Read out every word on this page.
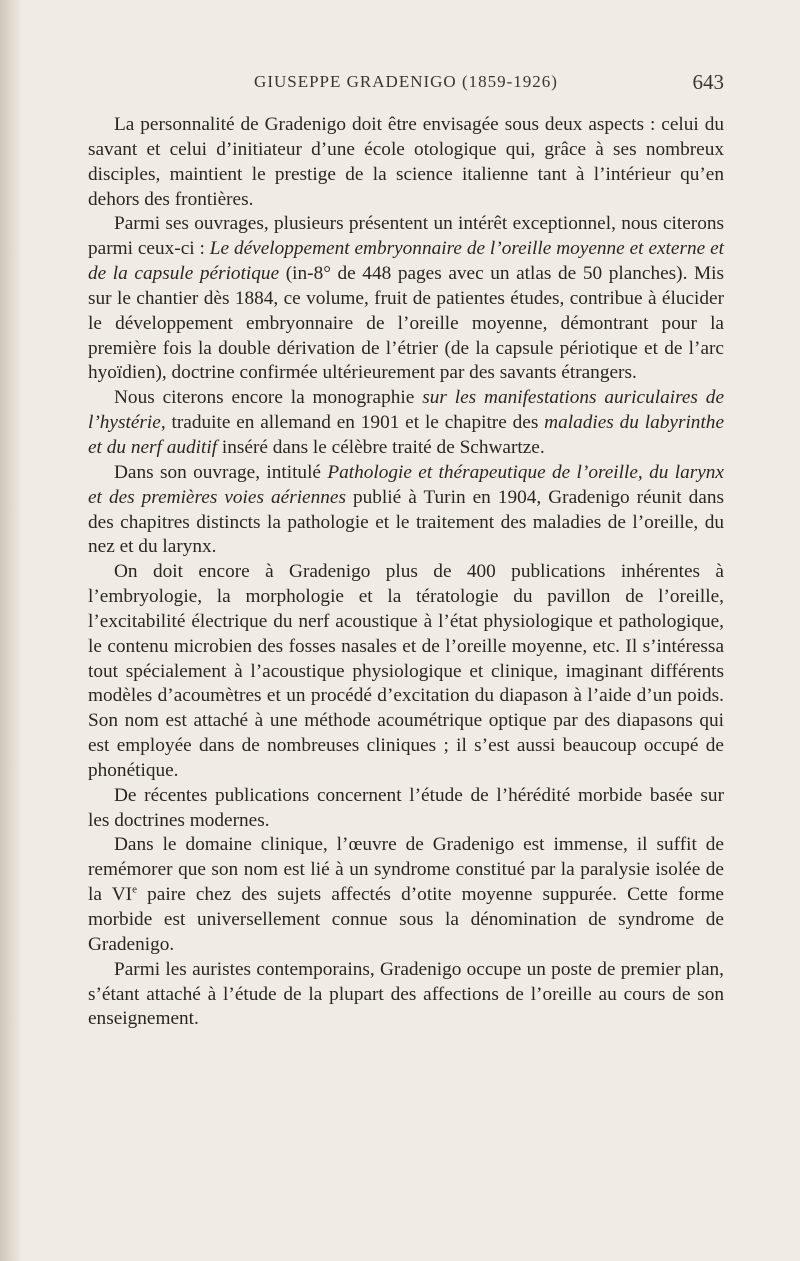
GIUSEPPE GRADENIGO (1859-1926)	643

La personnalité de Gradenigo doit être envisagée sous deux aspects : celui du savant et celui d’initiateur d’une école otologique qui, grâce à ses nombreux disciples, maintient le prestige de la science italienne tant à l’intérieur qu’en dehors des frontières.

Parmi ses ouvrages, plusieurs présentent un intérêt exceptionnel, nous citerons parmi ceux-ci : Le développement embryonnaire de l’oreille moyenne et externe et de la capsule périotique (in-8° de 448 pages avec un atlas de 50 planches). Mis sur le chantier dès 1884, ce volume, fruit de patientes études, contribue à élucider le développement embryonnaire de l’oreille moyenne, démontrant pour la première fois la double dérivation de l’étrier (de la capsule périotique et de l’arc hyoïdien), doctrine confirmée ultérieurement par des savants étrangers.

Nous citerons encore la monographie sur les manifestations auriculaires de l’hystérie, traduite en allemand en 1901 et le chapitre des maladies du labyrinthe et du nerf auditif inséré dans le célèbre traité de Schwartze.

Dans son ouvrage, intitulé Pathologie et thérapeutique de l’oreille, du larynx et des premières voies aériennes publié à Turin en 1904, Gradenigo réunit dans des chapitres distincts la pathologie et le traitement des maladies de l’oreille, du nez et du larynx.

On doit encore à Gradenigo plus de 400 publications inhérentes à l’embryologie, la morphologie et la tératologie du pavillon de l’oreille, l’excitabilité électrique du nerf acoustique à l’état physiologique et pathologique, le contenu microbien des fosses nasales et de l’oreille moyenne, etc. Il s’intéressa tout spécialement à l’acoustique physiologique et clinique, imaginant différents modèles d’acoumètres et un procédé d’excitation du diapason à l’aide d’un poids. Son nom est attaché à une méthode acoumétrique optique par des diapasons qui est employée dans de nombreuses cliniques ; il s’est aussi beaucoup occupé de phonétique.

De récentes publications concernent l’étude de l’hérédité morbide basée sur les doctrines modernes.

Dans le domaine clinique, l’œuvre de Gradenigo est immense, il suffit de remémorer que son nom est lié à un syndrome constitué par la paralysie isolée de la VIe paire chez des sujets affectés d’otite moyenne suppurée. Cette forme morbide est universellement connue sous la dénomination de syndrome de Gradenigo.

Parmi les auristes contemporains, Gradenigo occupe un poste de premier plan, s’étant attaché à l’étude de la plupart des affections de l’oreille au cours de son enseignement.
